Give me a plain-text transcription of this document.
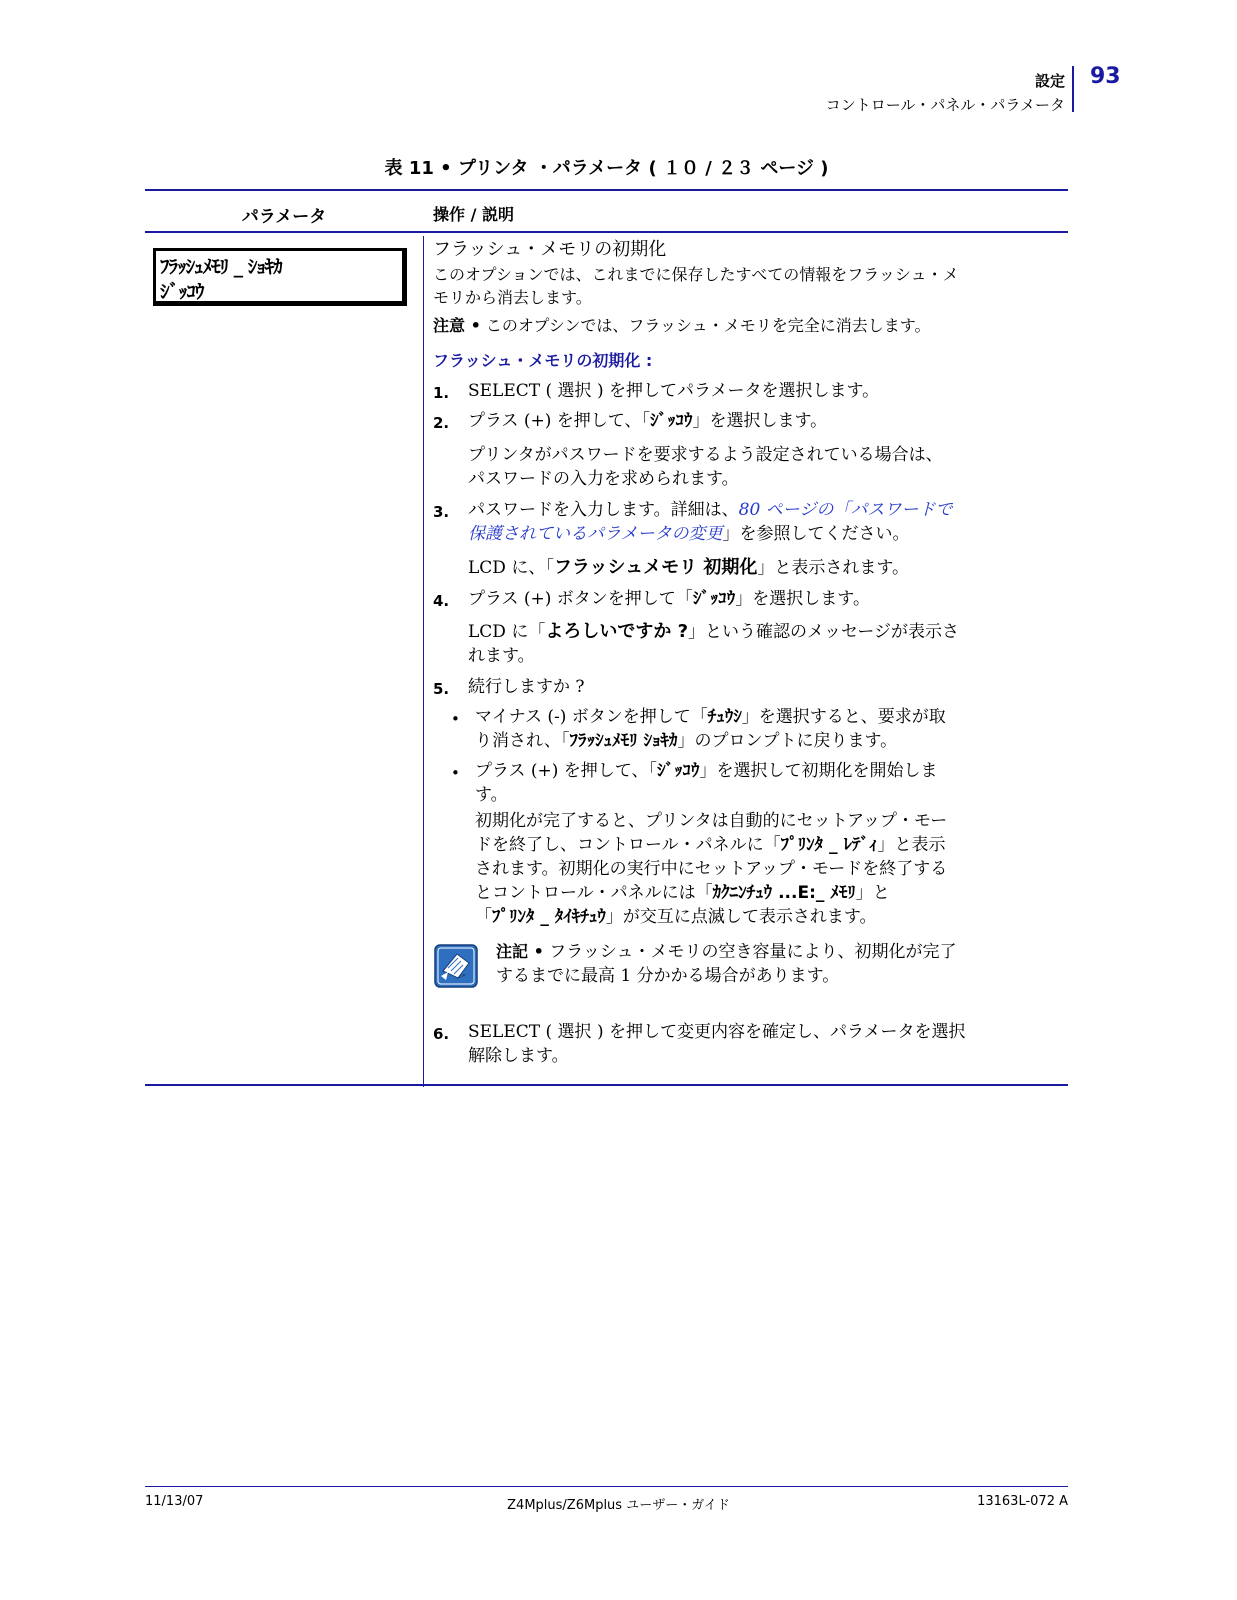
設定
コントロール・パネル・パラメータ
93
表 11 • プリンタ ・パラメータ ( １０ / ２３ ページ )
パラメータ	操作 / 説明
ﾌﾗｯｼｭﾒﾓﾘ _ ｼｮｷｶ
ｼﾞｯｺｳ
フラッシュ・メモリの初期化
このオプションでは、これまでに保存したすべての情報をフラッシュ・メ
モリから消去します。
注意 • このオプシンでは、フラッシュ・メモリを完全に消去します。
フラッシュ・メモリの初期化 :
1. SELECT ( 選択 ) を押してパラメータを選択します。
2. プラス (+) を押して、「ｼﾞｯｺｳ」を選択します。
プリンタがパスワードを要求するよう設定されている場合は、
パスワードの入力を求められます。
3. パスワードを入力します。詳細は、80 ページの「パスワードで
保護されているパラメータの変更」を参照してください。
LCD に、「フラッシュメモリ 初期化」と表示されます。
4. プラス (+) ボタンを押して「ｼﾞｯｺｳ」を選択します。
LCD に「よろしいですか ?」という確認のメッセージが表示さ
れます。
5. 続行しますか ?
• マイナス (-) ボタンを押して「ﾁｭｳｼ」を選択すると、要求が取
り消され、「ﾌﾗｯｼｭﾒﾓﾘ ｼｮｷｶ」のプロンプトに戻ります。
• プラス (+) を押して、「ｼﾞｯｺｳ」を選択して初期化を開始しま
す。
初期化が完了すると、プリンタは自動的にセットアップ・モー
ドを終了し、コントロール・パネルに「ﾌﾟﾘﾝﾀ _ ﾚﾃﾞｨ」と表示
されます。初期化の実行中にセットアップ・モードを終了する
とコントロール・パネルには「ｶｸﾆﾝﾁｭｳ ...E:_ ﾒﾓﾘ」と
「ﾌﾟﾘﾝﾀ _ ﾀｲｷﾁｭｳ」が交互に点滅して表示されます。
注記 • フラッシュ・メモリの空き容量により、初期化が完了
するまでに最高 1 分かかる場合があります。
6. SELECT ( 選択 ) を押して変更内容を確定し、パラメータを選択
解除します。
11/13/07	Z4Mplus/Z6Mplus ユーザー・ガイド	13163L-072 A
